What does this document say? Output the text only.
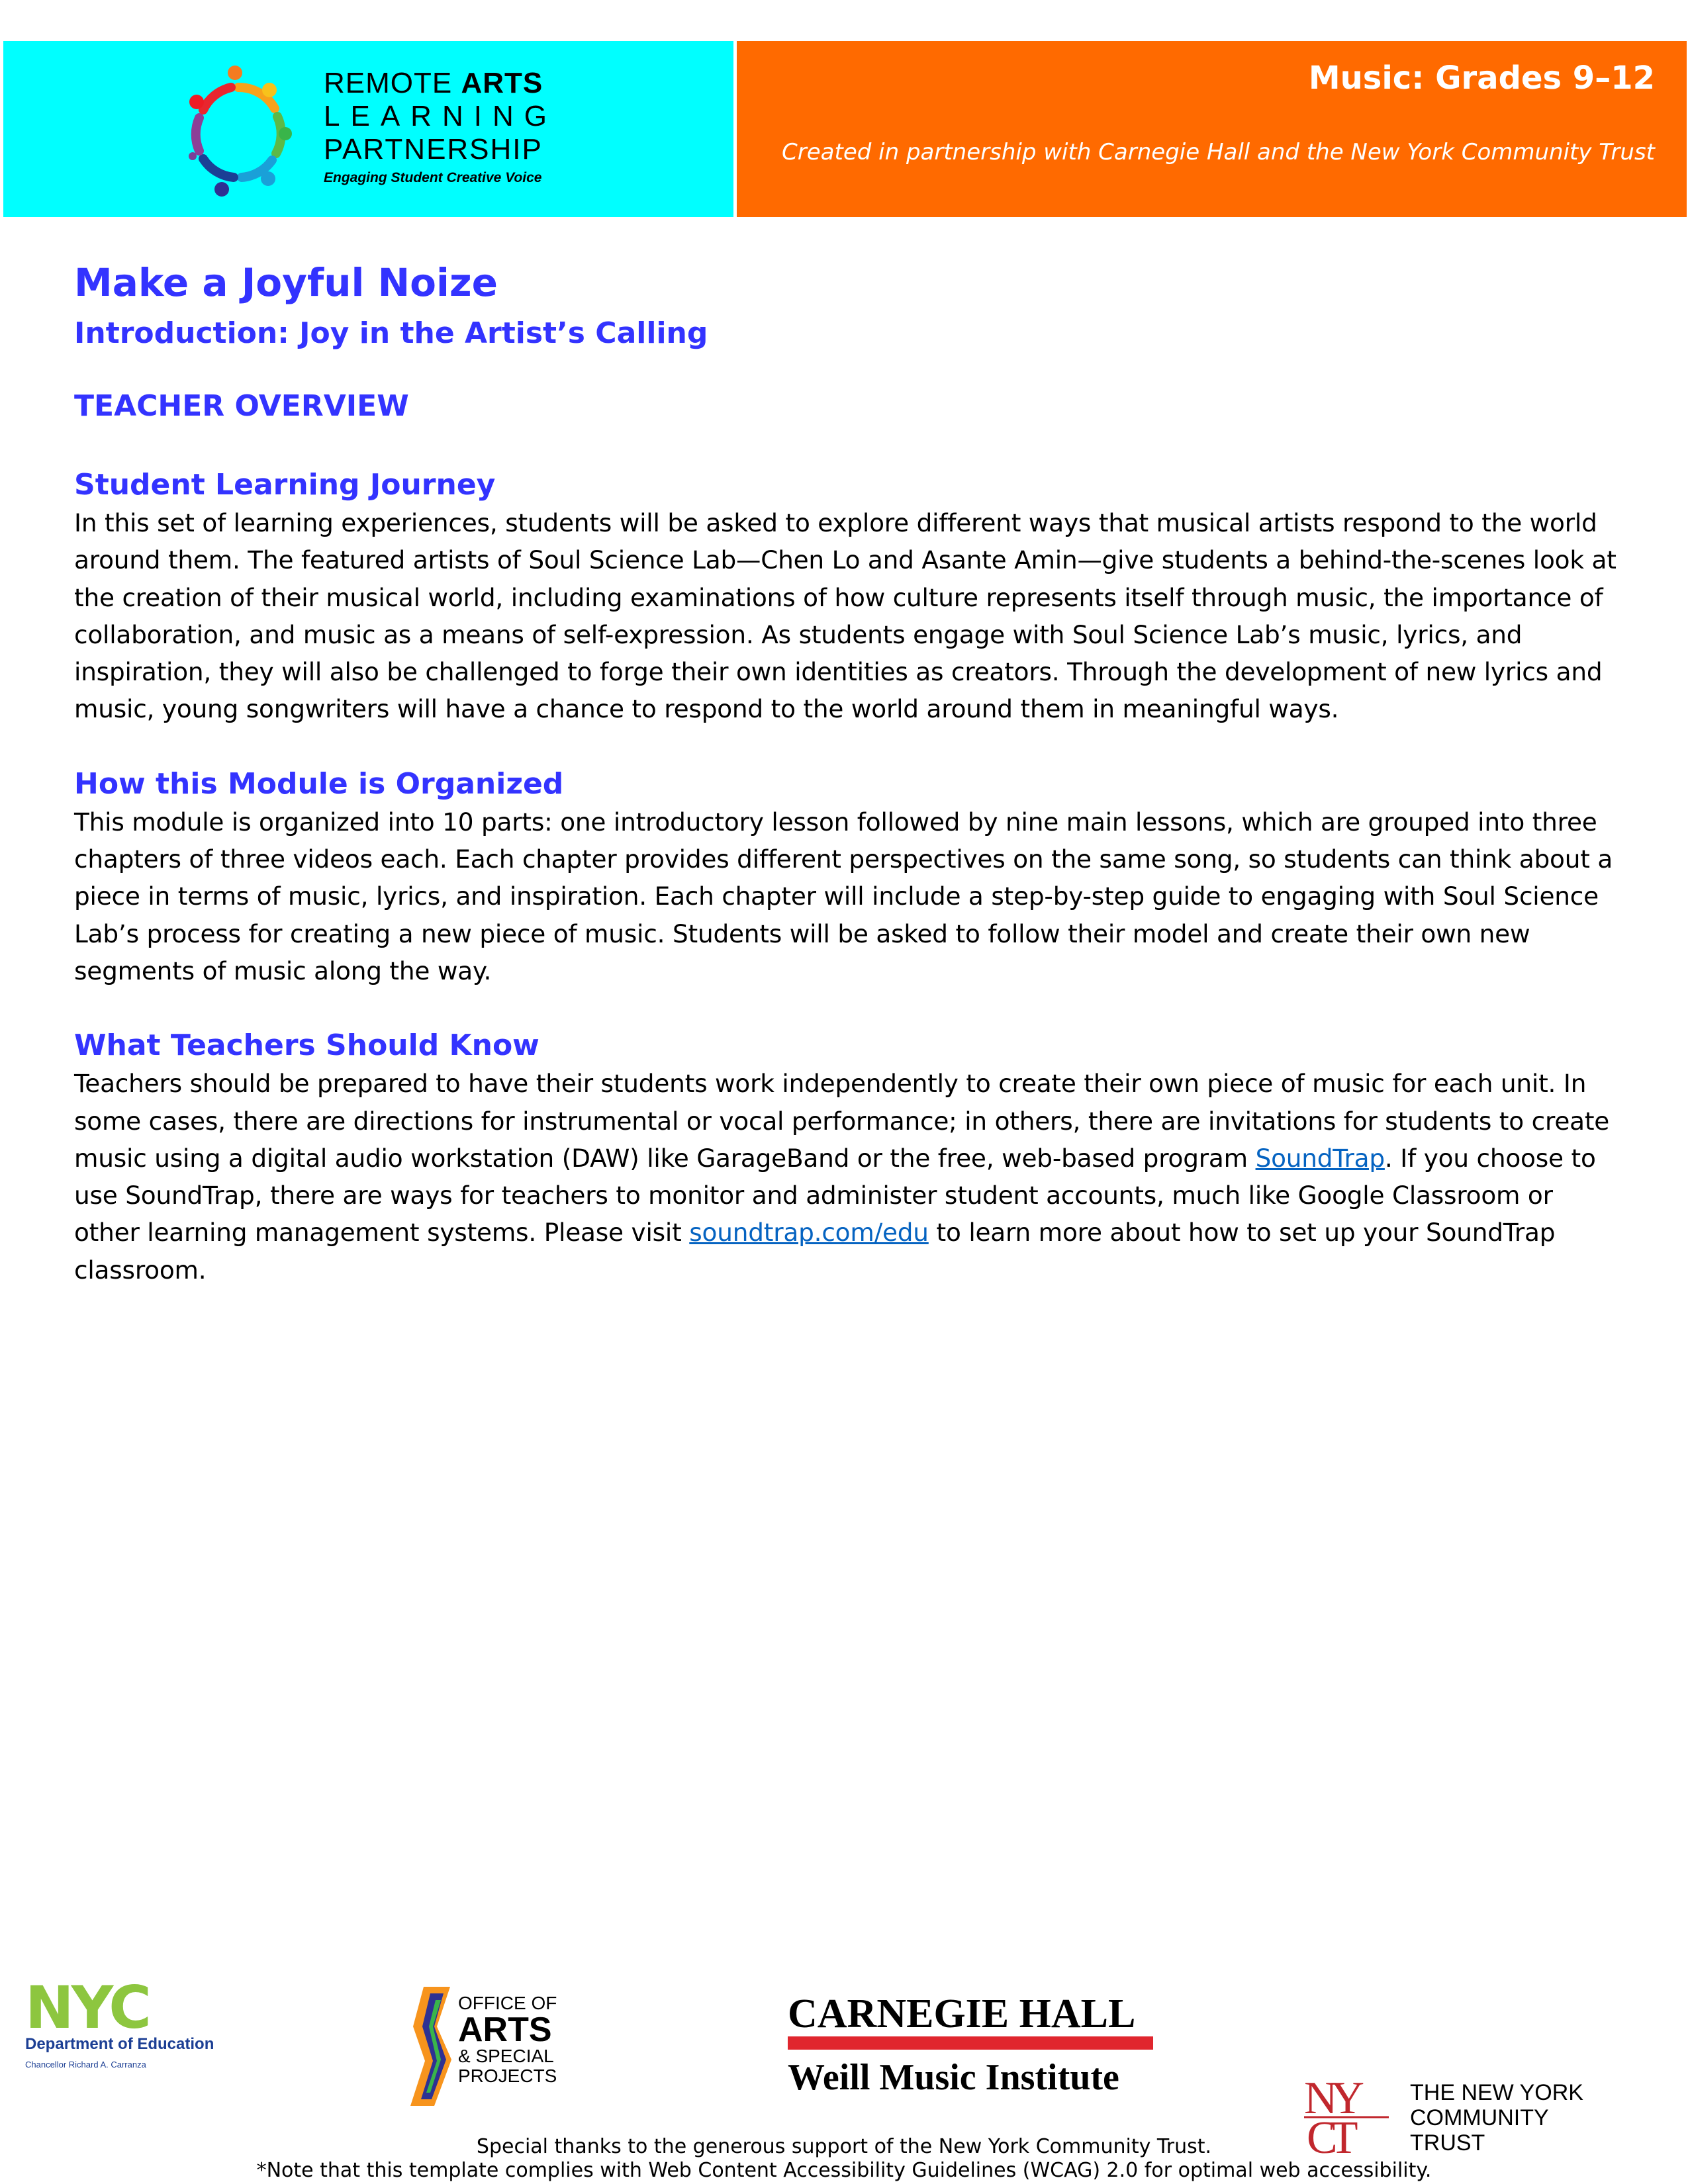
REMOTE ARTS
LEARNING
PARTNERSHIP
Engaging Student Creative Voice
Music: Grades 9–12
Created in partnership with Carnegie Hall and the New York Community Trust
Make a Joyful Noize
Introduction: Joy in the Artist’s Calling
TEACHER OVERVIEW
Student Learning Journey

In this set of learning experiences, students will be asked to explore different ways that musical artists respond to the world around them. The featured artists of Soul Science Lab—Chen Lo and Asante Amin—give students a behind-the-scenes look at the creation of their musical world, including examinations of how culture represents itself through music, the importance of collaboration, and music as a means of self-expression. As students engage with Soul Science Lab’s music, lyrics, and inspiration, they will also be challenged to forge their own identities as creators. Through the development of new lyrics and music, young songwriters will have a chance to respond to the world around them in meaningful ways.

How this Module is Organized

This module is organized into 10 parts: one introductory lesson followed by nine main lessons, which are grouped into three chapters of three videos each. Each chapter provides different perspectives on the same song, so students can think about a piece in terms of music, lyrics, and inspiration. Each chapter will include a step-by-step guide to engaging with Soul Science Lab’s process for creating a new piece of music. Students will be asked to follow their model and create their own new segments of music along the way.

What Teachers Should Know

Teachers should be prepared to have their students work independently to create their own piece of music for each unit. In some cases, there are directions for instrumental or vocal performance; in others, there are invitations for students to create music using a digital audio workstation (DAW) like GarageBand or the free, web-based program SoundTrap. If you choose to use SoundTrap, there are ways for teachers to monitor and administer student accounts, much like Google Classroom or other learning management systems. Please visit soundtrap.com/edu to learn more about how to set up your SoundTrap classroom.

NYC
Department of Education
Chancellor Richard A. Carranza
OFFICE OF
ARTS
& SPECIAL
PROJECTS
CARNEGIE HALL
Weill Music Institute	NY
CT
THE NEW YORK
COMMUNITY
TRUST
Special thanks to the generous support of the New York Community Trust.
*Note that this template complies with Web Content Accessibility Guidelines (WCAG) 2.0 for optimal web accessibility.
